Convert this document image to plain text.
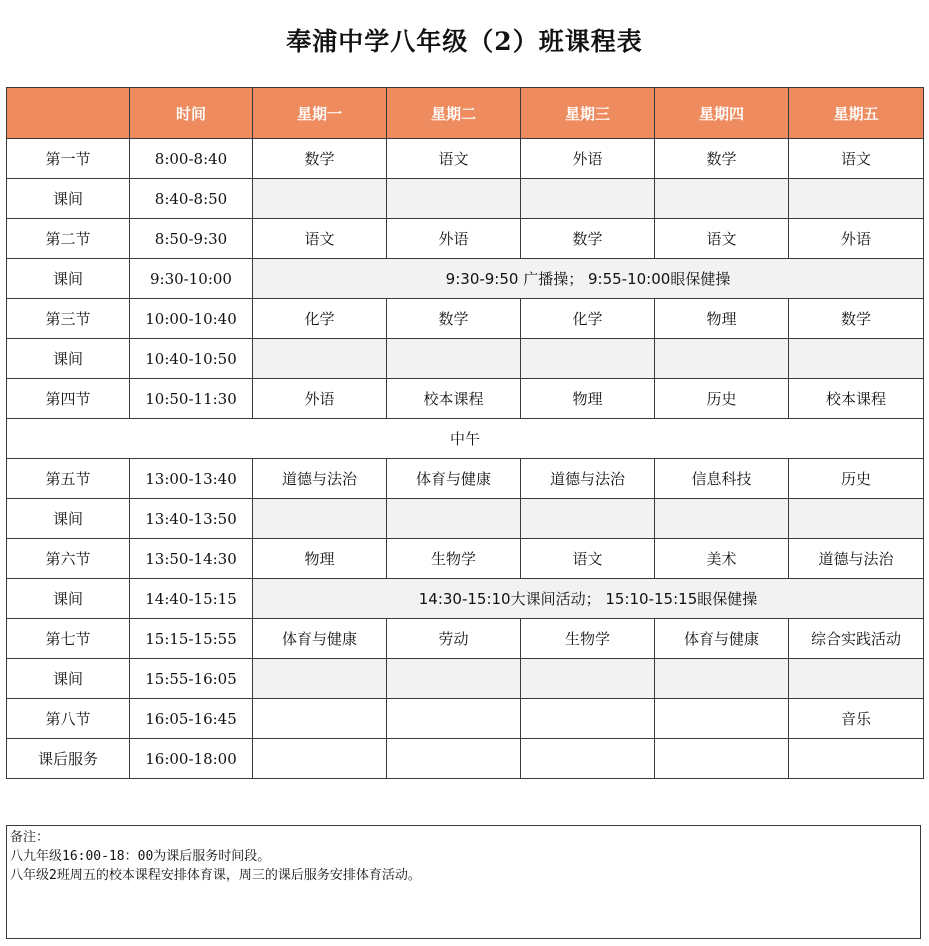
奉浦中学八年级（2）班课程表
	时间	星期一	星期二	星期三	星期四	星期五
第一节	8:00-8:40	数学	语文	外语	数学	语文
课间	8:40-8:50					
第二节	8:50-9:30	语文	外语	数学	语文	外语
课间	9:30-10:00	9:30-9:50 广播操； 9:55-10:00眼保健操				
第三节	10:00-10:40	化学	数学	化学	物理	数学
课间	10:40-10:50					
第四节	10:50-11:30	外语	校本课程	物理	历史	校本课程
中午						
第五节	13:00-13:40	道德与法治	体育与健康	道德与法治	信息科技	历史
课间	13:40-13:50					
第六节	13:50-14:30	物理	生物学	语文	美术	道德与法治
课间	14:40-15:15	14:30-15:10大课间活动； 15:10-15:15眼保健操				
第七节	15:15-15:55	体育与健康	劳动	生物学	体育与健康	综合实践活动
课间	15:55-16:05					
第八节	16:05-16:45					音乐
课后服务	16:00-18:00					
备注：
八九年级16:00-18：00为课后服务时间段。
八年级2班周五的校本课程安排体育课，周三的课后服务安排体育活动。
